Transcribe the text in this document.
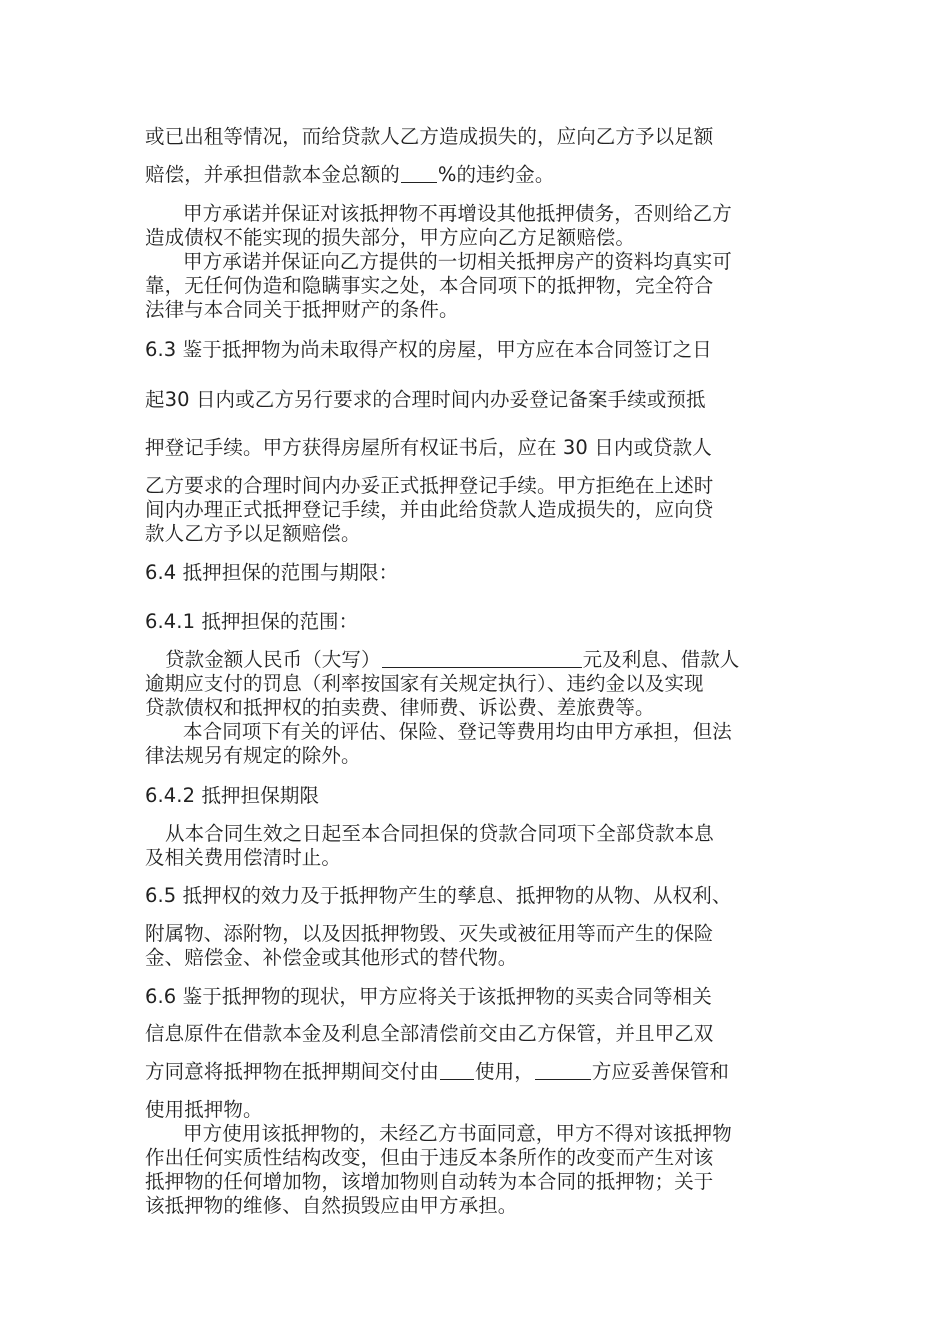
或已出租等情况，而给贷款人乙方造成损失的，应向乙方予以足额
赔偿，并承担借款本金总额的 %的违约金。
甲方承诺并保证对该抵押物不再增设其他抵押债务，否则给乙方
造成债权不能实现的损失部分，甲方应向乙方足额赔偿。
甲方承诺并保证向乙方提供的一切相关抵押房产的资料均真实可
靠，无任何伪造和隐瞒事实之处，本合同项下的抵押物，完全符合
法律与本合同关于抵押财产的条件。
6.3 鉴于抵押物为尚未取得产权的房屋，甲方应在本合同签订之日
起30 日内或乙方另行要求的合理时间内办妥登记备案手续或预抵
押登记手续。甲方获得房屋所有权证书后，应在 30 日内或贷款人
乙方要求的合理时间内办妥正式抵押登记手续。甲方拒绝在上述时
间内办理正式抵押登记手续，并由此给贷款人造成损失的，应向贷
款人乙方予以足额赔偿。
6.4 抵押担保的范围与期限：
6.4.1 抵押担保的范围：
贷款金额人民币（大写）	元及利息、借款人
逾期应支付的罚息（利率按国家有关规定执行）、违约金以及实现
贷款债权和抵押权的拍卖费、律师费、诉讼费、差旅费等。
本合同项下有关的评估、保险、登记等费用均由甲方承担，但法
律法规另有规定的除外。
6.4.2 抵押担保期限
从本合同生效之日起至本合同担保的贷款合同项下全部贷款本息
及相关费用偿清时止。
6.5 抵押权的效力及于抵押物产生的孳息、抵押物的从物、从权利、
附属物、添附物，以及因抵押物毁、灭失或被征用等而产生的保险
金、赔偿金、补偿金或其他形式的替代物。
6.6 鉴于抵押物的现状，甲方应将关于该抵押物的买卖合同等相关
信息原件在借款本金及利息全部清偿前交由乙方保管，并且甲乙双
方同意将抵押物在抵押期间交付由 使用，	方应妥善保管和
使用抵押物。
甲方使用该抵押物的，未经乙方书面同意，甲方不得对该抵押物
作出任何实质性结构改变，但由于违反本条所作的改变而产生对该
抵押物的任何增加物，该增加物则自动转为本合同的抵押物；关于
该抵押物的维修、自然损毁应由甲方承担。
